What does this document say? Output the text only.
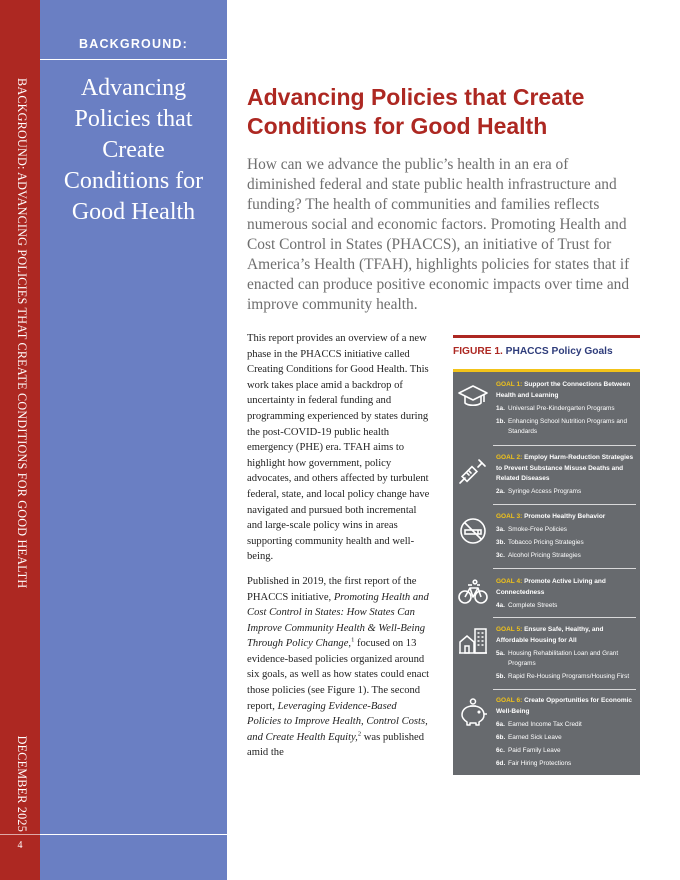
BACKGROUND: ADVANCING POLICIES THAT CREATE CONDITIONS FOR GOOD HEALTH
DECEMBER 2025
4
BACKGROUND:
Advancing Policies that Create Conditions for Good Health
Advancing Policies that Create Conditions for Good Health

How can we advance the public’s health in an era of diminished federal and state public health infrastructure and funding? The health of communities and families reflects numerous social and economic factors. Promoting Health and Cost Control in States (PHACCS), an initiative of Trust for America’s Health (TFAH), highlights policies for states that if enacted can produce positive economic impacts over time and improve community health.

This report provides an overview of a new phase in the PHACCS initiative called Creating Conditions for Good Health. This work takes place amid a backdrop of uncertainty in federal funding and programming experienced by states during the post-COVID-19 public health emergency (PHE) era. TFAH aims to highlight how government, policy advocates, and others affected by turbulent federal, state, and local policy change have navigated and pursued both incremental and large-scale policy wins in areas supporting community health and well-being.

Published in 2019, the first report of the PHACCS initiative, Promoting Health and Cost Control in States: How States Can Improve Community Health & Well-Being Through Policy Change,$^1$ focused on 13 evidence-based policies organized around six goals, as well as how states could enact those policies (see Figure 1). The second report, Leveraging Evidence-Based Policies to Improve Health, Control Costs, and Create Health Equity,$^2$ was published amid the

FIGURE 1. PHACCS Policy Goals
GOAL 1: Support the Connections Between Health and Learning
1a. Universal Pre-Kindergarten Programs
1b. Enhancing School Nutrition Programs and Standards
GOAL 2: Employ Harm-Reduction Strategies to Prevent Substance Misuse Deaths and Related Diseases
2a. Syringe Access Programs
GOAL 3: Promote Healthy Behavior
3a. Smoke-Free Policies
3b. Tobacco Pricing Strategies
3c. Alcohol Pricing Strategies
GOAL 4: Promote Active Living and Connectedness
4a. Complete Streets
GOAL 5: Ensure Safe, Healthy, and Affordable Housing for All
5a. Housing Rehabilitation Loan and Grant Programs
5b. Rapid Re-Housing Programs/Housing First
GOAL 6: Create Opportunities for Economic Well-Being
6a. Earned Income Tax Credit
6b. Earned Sick Leave
6c. Paid Family Leave
6d. Fair Hiring Protections
